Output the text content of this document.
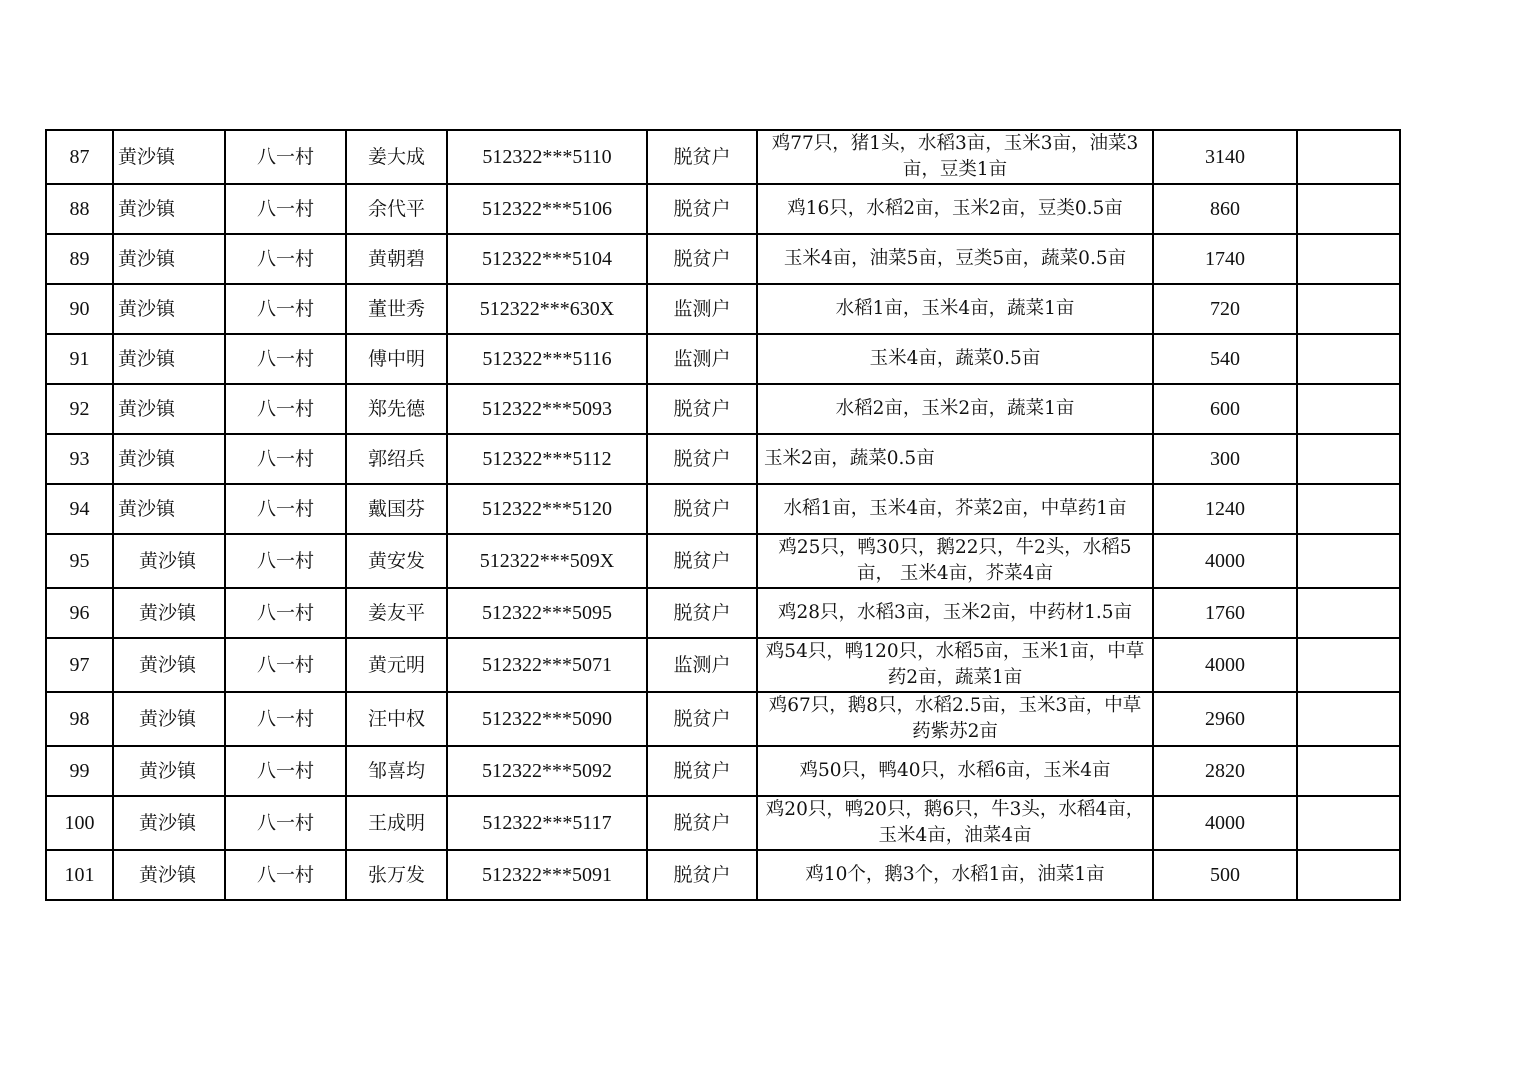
87	黄沙镇	八一村	姜大成	512322***5110	脱贫户	鸡77只，猪1头，水稻3亩，玉米3亩，油菜3亩，豆类1亩	3140	
88	黄沙镇	八一村	余代平	512322***5106	脱贫户	鸡16只，水稻2亩，玉米2亩，豆类0.5亩	860	
89	黄沙镇	八一村	黄朝碧	512322***5104	脱贫户	玉米4亩，油菜5亩，豆类5亩，蔬菜0.5亩	1740	
90	黄沙镇	八一村	董世秀	512322***630X	监测户	水稻1亩，玉米4亩，蔬菜1亩	720	
91	黄沙镇	八一村	傅中明	512322***5116	监测户	玉米4亩，蔬菜0.5亩	540	
92	黄沙镇	八一村	郑先德	512322***5093	脱贫户	水稻2亩，玉米2亩，蔬菜1亩	600	
93	黄沙镇	八一村	郭绍兵	512322***5112	脱贫户	玉米2亩，蔬菜0.5亩	300	
94	黄沙镇	八一村	戴国芬	512322***5120	脱贫户	水稻1亩，玉米4亩，芥菜2亩，中草药1亩	1240	
95	黄沙镇	八一村	黄安发	512322***509X	脱贫户	鸡25只，鸭30只，鹅22只，牛2头，水稻5亩， 玉米4亩，芥菜4亩	4000	
96	黄沙镇	八一村	姜友平	512322***5095	脱贫户	鸡28只，水稻3亩，玉米2亩，中药材1.5亩	1760	
97	黄沙镇	八一村	黄元明	512322***5071	监测户	鸡54只，鸭120只，水稻5亩，玉米1亩，中草药2亩，蔬菜1亩	4000	
98	黄沙镇	八一村	汪中权	512322***5090	脱贫户	鸡67只，鹅8只，水稻2.5亩，玉米3亩，中草药紫苏2亩	2960	
99	黄沙镇	八一村	邹喜均	512322***5092	脱贫户	鸡50只，鸭40只，水稻6亩，玉米4亩	2820	
100	黄沙镇	八一村	王成明	512322***5117	脱贫户	鸡20只，鸭20只，鹅6只，牛3头，水稻4亩，玉米4亩，油菜4亩	4000	
101	黄沙镇	八一村	张万发	512322***5091	脱贫户	鸡10个，鹅3个，水稻1亩，油菜1亩	500	
